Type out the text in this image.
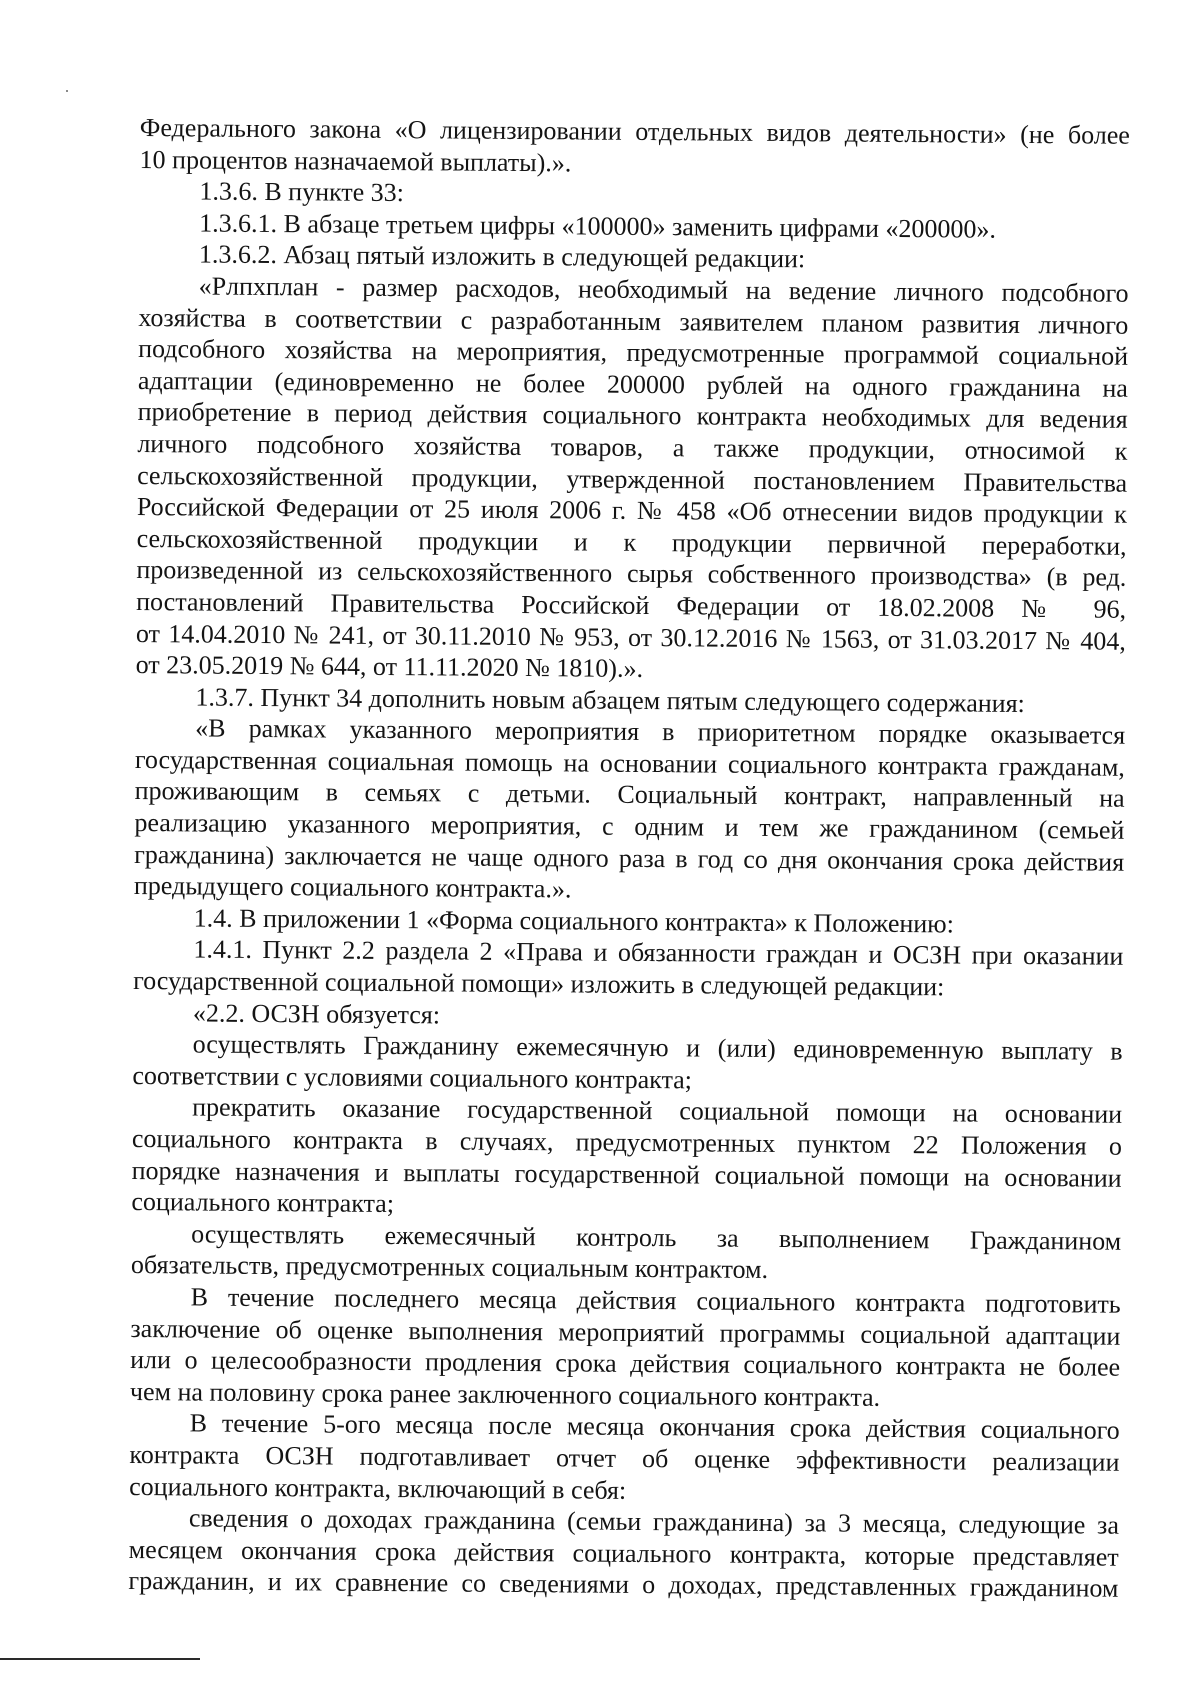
Федерального закона «О лицензировании отдельных видов деятельности» (не более
10 процентов назначаемой выплаты).».
1.3.6. В пункте 33:
1.3.6.1. В абзаце третьем цифры «100000» заменить цифрами «200000».
1.3.6.2. Абзац пятый изложить в следующей редакции:
«Pлпхплан - размер расходов, необходимый на ведение личного подсобного
хозяйства в соответствии с разработанным заявителем планом развития личного
подсобного хозяйства на мероприятия, предусмотренные программой социальной
адаптации (единовременно не более 200000 рублей на одного гражданина на
приобретение в период действия социального контракта необходимых для ведения
личного подсобного хозяйства товаров, а также продукции, относимой к
сельскохозяйственной продукции, утвержденной постановлением Правительства
Российской Федерации от 25 июля 2006 г. № 458 «Об отнесении видов продукции к
сельскохозяйственной продукции и к продукции первичной переработки,
произведенной из сельскохозяйственного сырья собственного производства» (в ред.
постановлений Правительства Российской Федерации от 18.02.2008 № 96,
от 14.04.2010 № 241, от 30.11.2010 № 953, от 30.12.2016 № 1563, от 31.03.2017 № 404,
от 23.05.2019 № 644, от 11.11.2020 № 1810).».
1.3.7. Пункт 34 дополнить новым абзацем пятым следующего содержания:
«В рамках указанного мероприятия в приоритетном порядке оказывается
государственная социальная помощь на основании социального контракта гражданам,
проживающим в семьях с детьми. Социальный контракт, направленный на
реализацию указанного мероприятия, с одним и тем же гражданином (семьей
гражданина) заключается не чаще одного раза в год со дня окончания срока действия
предыдущего социального контракта.».
1.4. В приложении 1 «Форма социального контракта» к Положению:
1.4.1. Пункт 2.2 раздела 2 «Права и обязанности граждан и ОСЗН при оказании
государственной социальной помощи» изложить в следующей редакции:
«2.2. ОСЗН обязуется:
осуществлять Гражданину ежемесячную и (или) единовременную выплату в
соответствии с условиями социального контракта;
прекратить оказание государственной социальной помощи на основании
социального контракта в случаях, предусмотренных пунктом 22 Положения о
порядке назначения и выплаты государственной социальной помощи на основании
социального контракта;
осуществлять ежемесячный контроль за выполнением Гражданином
обязательств, предусмотренных социальным контрактом.
В течение последнего месяца действия социального контракта подготовить
заключение об оценке выполнения мероприятий программы социальной адаптации
или о целесообразности продления срока действия социального контракта не более
чем на половину срока ранее заключенного социального контракта.
В течение 5-ого месяца после месяца окончания срока действия социального
контракта ОСЗН подготавливает отчет об оценке эффективности реализации
социального контракта, включающий в себя:
сведения о доходах гражданина (семьи гражданина) за 3 месяца, следующие за
месяцем окончания срока действия социального контракта, которые представляет
гражданин, и их сравнение со сведениями о доходах, представленных гражданином
